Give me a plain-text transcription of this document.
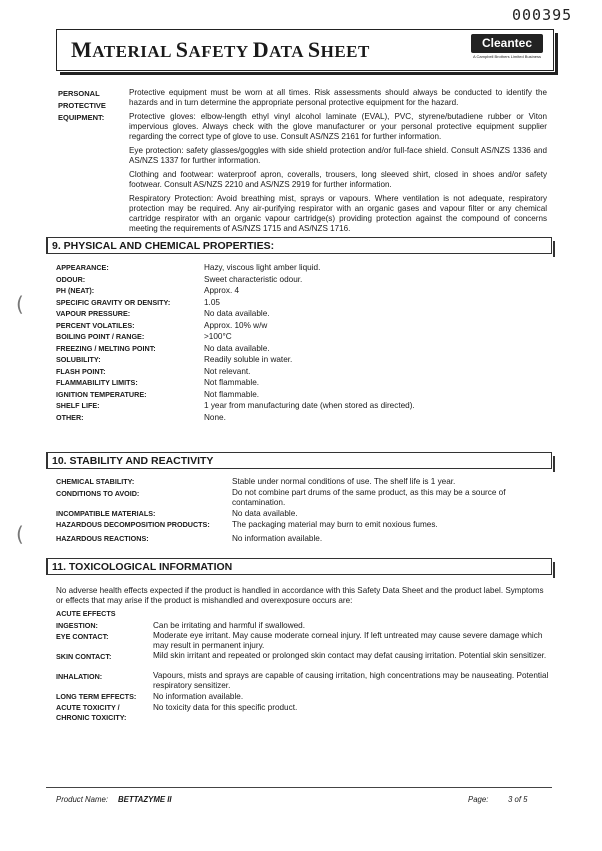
000395
MATERIAL SAFETY DATA SHEET	Cleantec
A Campbell Brothers Limited Business
PERSONAL
PROTECTIVE
EQUIPMENT:

Protective equipment must be worn at all times. Risk assessments should always be conducted to identify the hazards and in turn determine the appropriate personal protective equipment for the hazard.

Protective gloves: elbow-length ethyl vinyl alcohol laminate (EVAL), PVC, styrene/butadiene rubber or Viton impervious gloves. Always check with the glove manufacturer or your personal protective equipment supplier regarding the correct type of glove to use. Consult AS/NZS 2161 for further information.

Eye protection: safety glasses/goggles with side shield protection and/or full-face shield. Consult AS/NZS 1336 and AS/NZS 1337 for further information.

Clothing and footwear: waterproof apron, coveralls, trousers, long sleeved shirt, closed in shoes and/or safety footwear. Consult AS/NZS 2210 and AS/NZS 2919 for further information.

Respiratory Protection: Avoid breathing mist, sprays or vapours. Where ventilation is not adequate, respiratory protection may be required. Any air-purifying respirator with an organic gases and vapour filter or any chemical cartridge respirator with an organic vapour cartridge(s) providing protection against the compound of concerns meeting the requirements of AS/NZS 1715 and AS/NZS 1716.

9. PHYSICAL AND CHEMICAL PROPERTIES:
APPEARANCE:	Hazy, viscous light amber liquid.
ODOUR:	Sweet characteristic odour.
PH (NEAT):	Approx. 4
SPECIFIC GRAVITY OR DENSITY:	1.05
VAPOUR PRESSURE:	No data available.
PERCENT VOLATILES:	Approx. 10% w/w
BOILING POINT / RANGE:	>100°C
FREEZING / MELTING POINT:	No data available.
SOLUBILITY:	Readily soluble in water.
FLASH POINT:	Not relevant.
FLAMMABILITY LIMITS:	Not flammable.
IGNITION TEMPERATURE:	Not flammable.
SHELF LIFE:	1 year from manufacturing date (when stored as directed).
OTHER:	None.
10. STABILITY AND REACTIVITY
CHEMICAL STABILITY:	Stable under normal conditions of use. The shelf life is 1 year.
CONDITIONS TO AVOID:	Do not combine part drums of the same product, as this may be a source of contamination.
INCOMPATIBLE MATERIALS:	No data available.
HAZARDOUS DECOMPOSITION PRODUCTS:	The packaging material may burn to emit noxious fumes.
HAZARDOUS REACTIONS:	No information available.
11. TOXICOLOGICAL INFORMATION
No adverse health effects expected if the product is handled in accordance with this Safety Data Sheet and the product label. Symptoms or effects that may arise if the product is mishandled and overexposure occurs are:
ACUTE EFFECTS
INGESTION:	Can be irritating and harmful if swallowed.
EYE CONTACT:	Moderate eye irritant. May cause moderate corneal injury. If left untreated may cause severe damage which may result in permanent injury.
SKIN CONTACT:	Mild skin irritant and repeated or prolonged skin contact may defat causing irritation. Potential skin sensitizer.
INHALATION:	Vapours, mists and sprays are capable of causing irritation, high concentrations may be nauseating. Potential respiratory sensitizer.
LONG TERM EFFECTS: No information available.
ACUTE TOXICITY /
CHRONIC TOXICITY:
No toxicity data for this specific product.
(
(
Product Name: BETTAZYME II	Page:	3 of 5
